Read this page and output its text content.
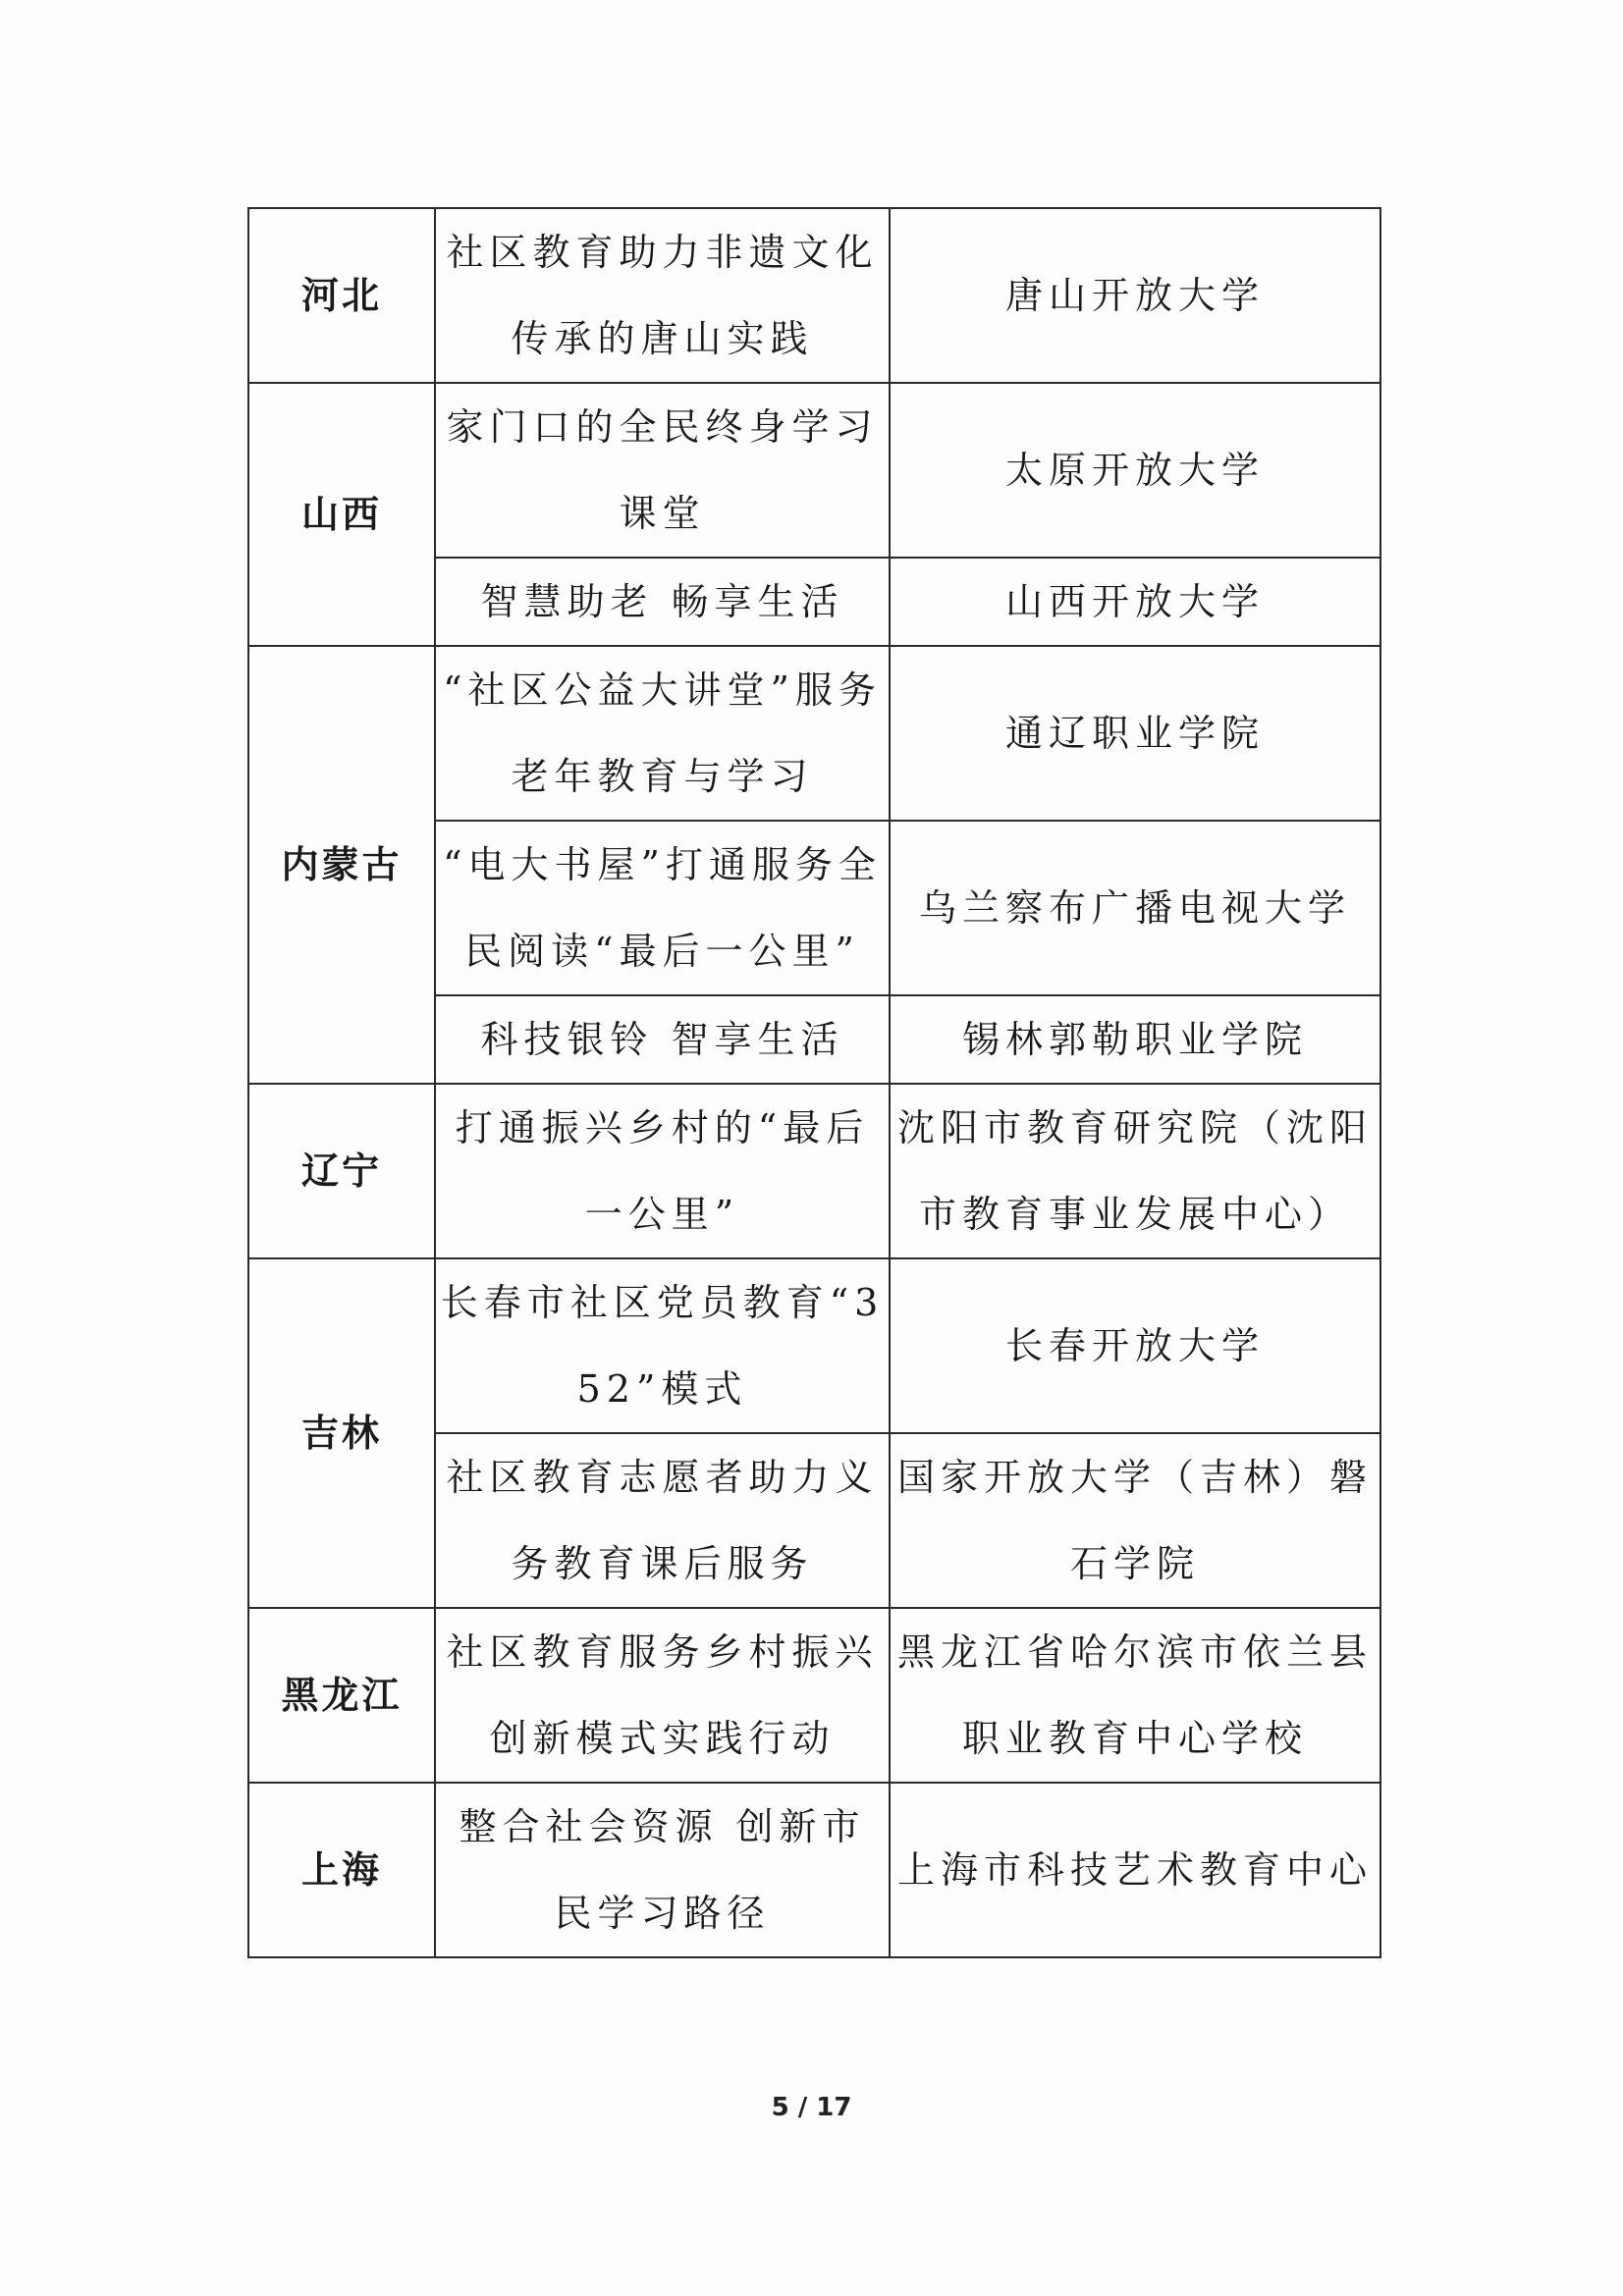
河北	社区教育助力非遗文化传承的唐山实践	唐山开放大学
山西	家门口的全民终身学习课堂	太原开放大学
	智慧助老 畅享生活	山西开放大学
内蒙古	“社区公益大讲堂”服务老年教育与学习	通辽职业学院
	“电大书屋”打通服务全民阅读“最后一公里”	乌兰察布广播电视大学
	科技银铃 智享生活	锡林郭勒职业学院
辽宁	打通振兴乡村的“最后一公里”	沈阳市教育研究院（沈阳市教育事业发展中心）
吉林	长春市社区党员教育“352”模式	长春开放大学
	社区教育志愿者助力义务教育课后服务	国家开放大学（吉林）磐石学院
黑龙江	社区教育服务乡村振兴创新模式实践行动	黑龙江省哈尔滨市依兰县职业教育中心学校
上海	整合社会资源 创新市民学习路径	上海市科技艺术教育中心
5 / 17
